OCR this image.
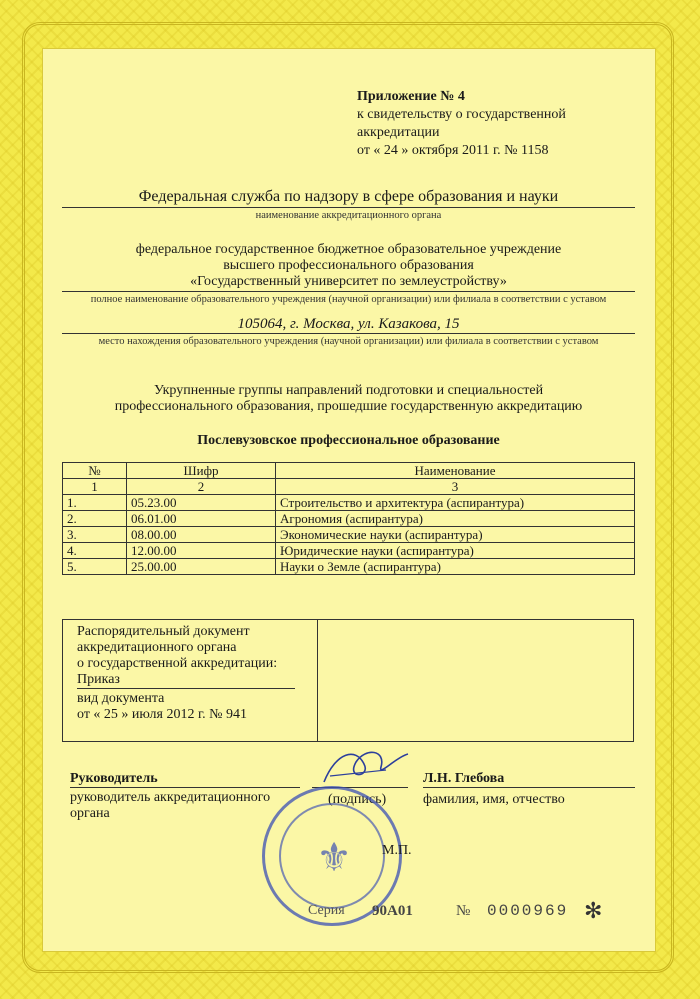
Приложение № 4
к свидетельству о государственной
аккредитации
от « 24 » октября 2011 г. № 1158
Федеральная служба по надзору в сфере образования и науки
наименование аккредитационного органа
федеральное государственное бюджетное образовательное учреждение
высшего профессионального образования
«Государственный университет по землеустройству»
полное наименование образовательного учреждения (научной организации) или филиала в соответствии с уставом
105064, г. Москва, ул. Казакова, 15
место нахождения образовательного учреждения (научной организации) или филиала в соответствии с уставом
Укрупненные группы направлений подготовки и специальностей
профессионального образования, прошедшие государственную аккредитацию
Послевузовское профессиональное образование
№	Шифр	Наименование
1	2	3
1.	05.23.00	Строительство и архитектура (аспирантура)
2.	06.01.00	Агрономия (аспирантура)
3.	08.00.00	Экономические науки (аспирантура)
4.	12.00.00	Юридические науки (аспирантура)
5.	25.00.00	Науки о Земле (аспирантура)
Распорядительный документ
аккредитационного органа
о государственной аккредитации:
Приказ
вид документа
от « 25 » июля 2012 г. № 941
Руководитель
руководитель аккредитационного
органа
(подпись)
Л.Н. Глебова
фамилия, имя, отчество
⚜	М.П.
Серия 90А01	№ 0000969 ✻
